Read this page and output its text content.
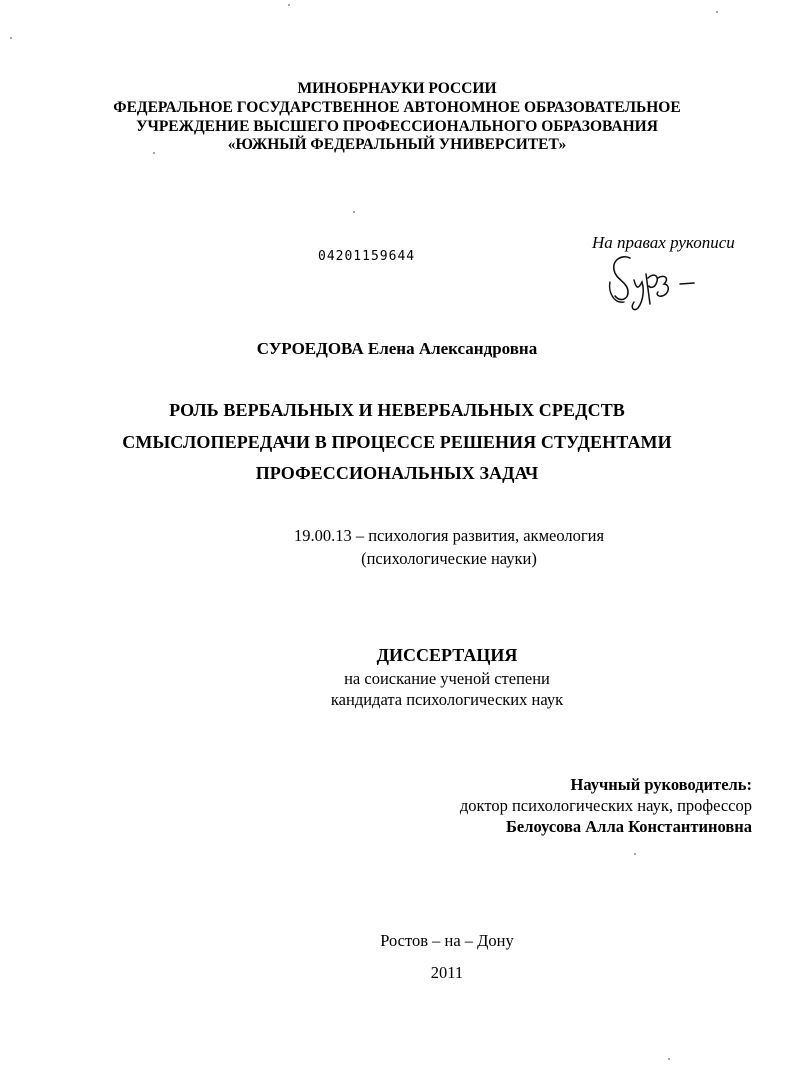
МИНОБРНАУКИ РОССИИ
ФЕДЕРАЛЬНОЕ ГОСУДАРСТВЕННОЕ АВТОНОМНОЕ ОБРАЗОВАТЕЛЬНОЕ
УЧРЕЖДЕНИЕ ВЫСШЕГО ПРОФЕССИОНАЛЬНОГО ОБРАЗОВАНИЯ
«ЮЖНЫЙ ФЕДЕРАЛЬНЫЙ УНИВЕРСИТЕТ»
04201159644
На правах рукописи
СУРОЕДОВА Елена Александровна
РОЛЬ ВЕРБАЛЬНЫХ И НЕВЕРБАЛЬНЫХ СРЕДСТВ
СМЫСЛОПЕРЕДАЧИ В ПРОЦЕССЕ РЕШЕНИЯ СТУДЕНТАМИ
ПРОФЕССИОНАЛЬНЫХ ЗАДАЧ
19.00.13 – психология развития, акмеология
(психологические науки)
ДИССЕРТАЦИЯ
на соискание ученой степени
кандидата психологических наук
Научный руководитель:
доктор психологических наук, профессор
Белоусова Алла Константиновна
Ростов – на – Дону
2011
